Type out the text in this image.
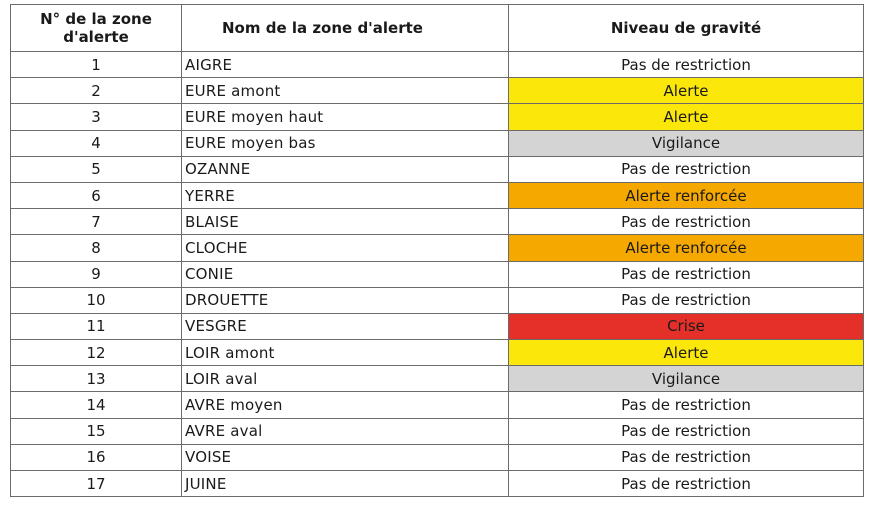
N° de la zone d'alerte	Nom de la zone d'alerte	Niveau de gravité
1	AIGRE	Pas de restriction
2	EURE amont	Alerte
3	EURE moyen haut	Alerte
4	EURE moyen bas	Vigilance
5	OZANNE	Pas de restriction
6	YERRE	Alerte renforcée
7	BLAISE	Pas de restriction
8	CLOCHE	Alerte renforcée
9	CONIE	Pas de restriction
10	DROUETTE	Pas de restriction
11	VESGRE	Crise
12	LOIR amont	Alerte
13	LOIR aval	Vigilance
14	AVRE moyen	Pas de restriction
15	AVRE aval	Pas de restriction
16	VOISE	Pas de restriction
17	JUINE	Pas de restriction
